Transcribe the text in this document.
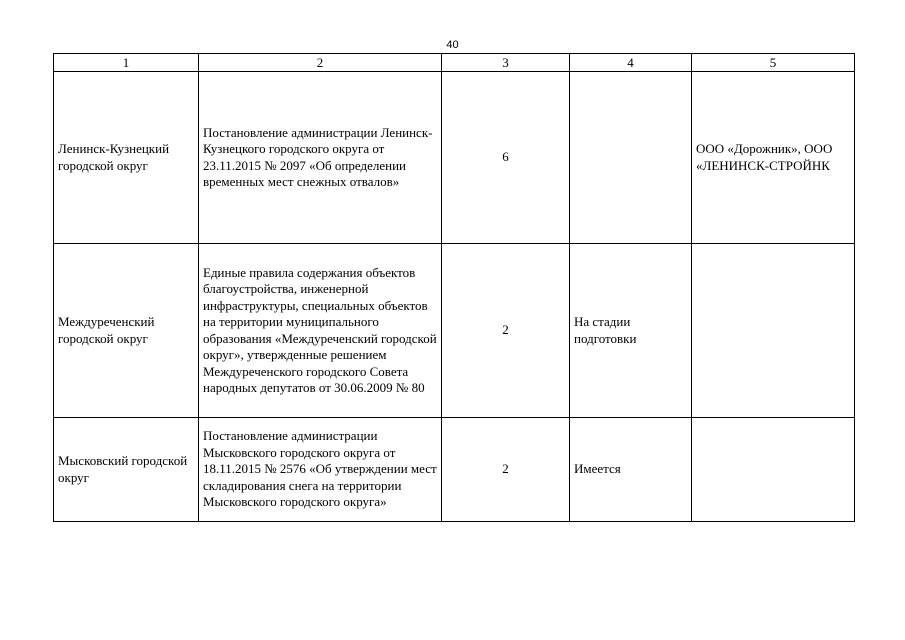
40
1	2	3	4	5
Ленинск-Кузнецкий городской округ	Постановление администрации Ленинск-Кузнецкого городского округа от 23.11.2015 № 2097 «Об определении временных мест снежных отвалов»	6		ООО «Дорожник», ООО «ЛЕНИНСК-СТРОЙНК
Междуреченский городской округ	Единые правила содержания объектов благоустройства, инженерной инфраструктуры, специальных объектов на территории муниципального образования «Междуреченский городской округ», утвержденные решением Междуреченского городского Совета народных депутатов от 30.06.2009 № 80	2	На стадии подготовки	
Мысковский городской округ	Постановление администрации Мысковского городского округа от 18.11.2015 № 2576 «Об утверждении мест складирования снега на территории Мысковского городского округа»	2	Имеется	
